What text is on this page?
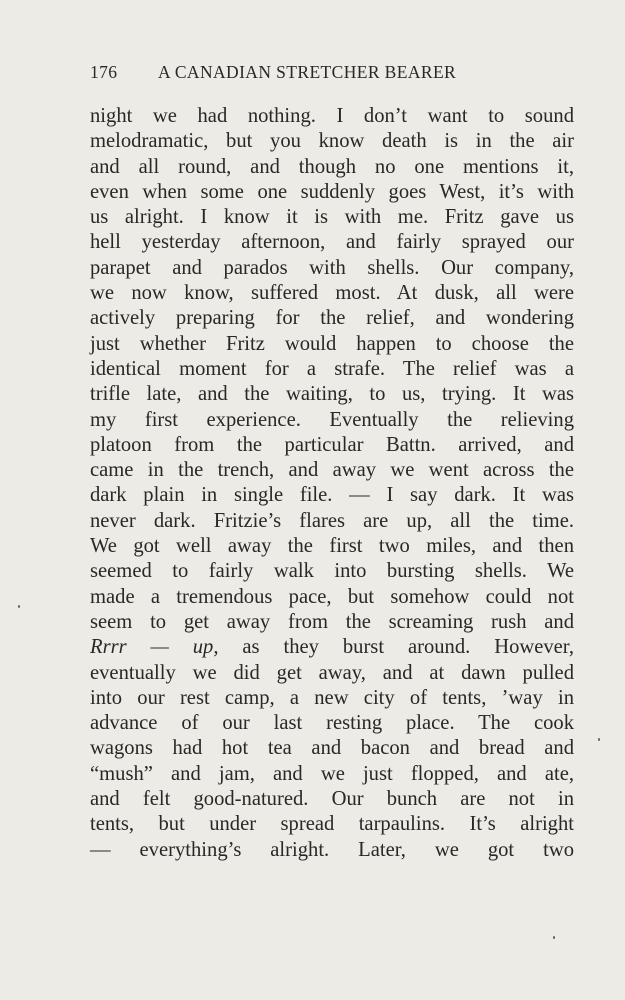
176 A CANADIAN STRETCHER BEARER
night we had nothing. I don’t want to sound
melodramatic, but you know death is in the air
and all round, and though no one mentions it,
even when some one suddenly goes West, it’s with
us alright. I know it is with me. Fritz gave us
hell yesterday afternoon, and fairly sprayed our
parapet and parados with shells. Our company,
we now know, suffered most. At dusk, all were
actively preparing for the relief, and wondering
just whether Fritz would happen to choose the
identical moment for a strafe. The relief was a
trifle late, and the waiting, to us, trying. It was
my first experience. Eventually the relieving
platoon from the particular Battn. arrived, and
came in the trench, and away we went across the
dark plain in single file. — I say dark. It was
never dark. Fritzie’s flares are up, all the time.
We got well away the first two miles, and then
seemed to fairly walk into bursting shells. We
made a tremendous pace, but somehow could not
seem to get away from the screaming rush and
Rrrr — up, as they burst around. However,
eventually we did get away, and at dawn pulled
into our rest camp, a new city of tents, ’way in
advance of our last resting place. The cook
wagons had hot tea and bacon and bread and
“mush” and jam, and we just flopped, and ate,
and felt good-natured. Our bunch are not in
tents, but under spread tarpaulins. It’s alright
— everything’s alright. Later, we got two
